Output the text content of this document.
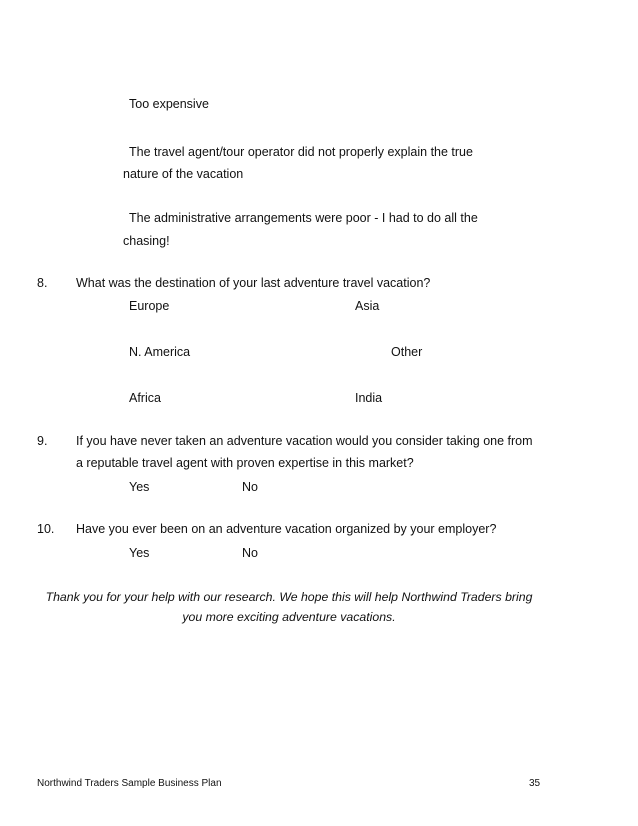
Too expensive
The travel agent/tour operator did not properly explain the true
nature of the vacation
The administrative arrangements were poor - I had to do all the
chasing!
8. What was the destination of your last adventure travel vacation?
Europe	Asia
N. America	Other
Africa	India
9. If you have never taken an adventure vacation would you consider taking one from
a reputable travel agent with proven expertise in this market?
Yes	No
10. Have you ever been on an adventure vacation organized by your employer?
Yes	No
Thank you for your help with our research. We hope this will help Northwind Traders bring
you more exciting adventure vacations.
Northwind Traders Sample Business Plan	35
